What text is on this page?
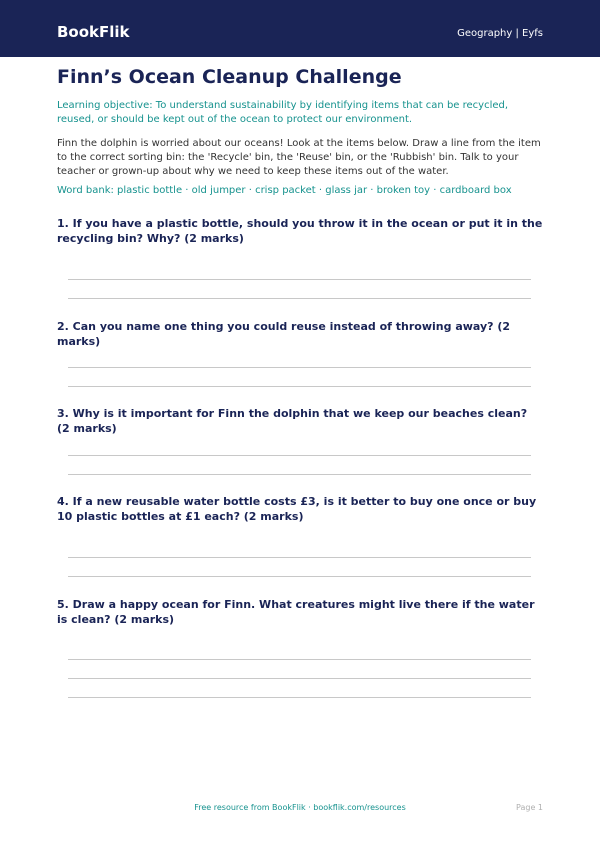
BookFlik	Geography | Eyfs
Finn’s Ocean Cleanup Challenge
Learning objective: To understand sustainability by identifying items that can be recycled, reused, or should be kept out of the ocean to protect our environment.
Finn the dolphin is worried about our oceans! Look at the items below. Draw a line from the item to the correct sorting bin: the 'Recycle' bin, the 'Reuse' bin, or the 'Rubbish' bin. Talk to your teacher or grown-up about why we need to keep these items out of the water.
Word bank: plastic bottle · old jumper · crisp packet · glass jar · broken toy · cardboard box
1. If you have a plastic bottle, should you throw it in the ocean or put it in the recycling bin? Why? (2 marks)
2. Can you name one thing you could reuse instead of throwing away? (2 marks)
3. Why is it important for Finn the dolphin that we keep our beaches clean? (2 marks)
4. If a new reusable water bottle costs £3, is it better to buy one once or buy 10 plastic bottles at £1 each? (2 marks)
5. Draw a happy ocean for Finn. What creatures might live there if the water is clean? (2 marks)
Free resource from BookFlik · bookflik.com/resources	Page 1
